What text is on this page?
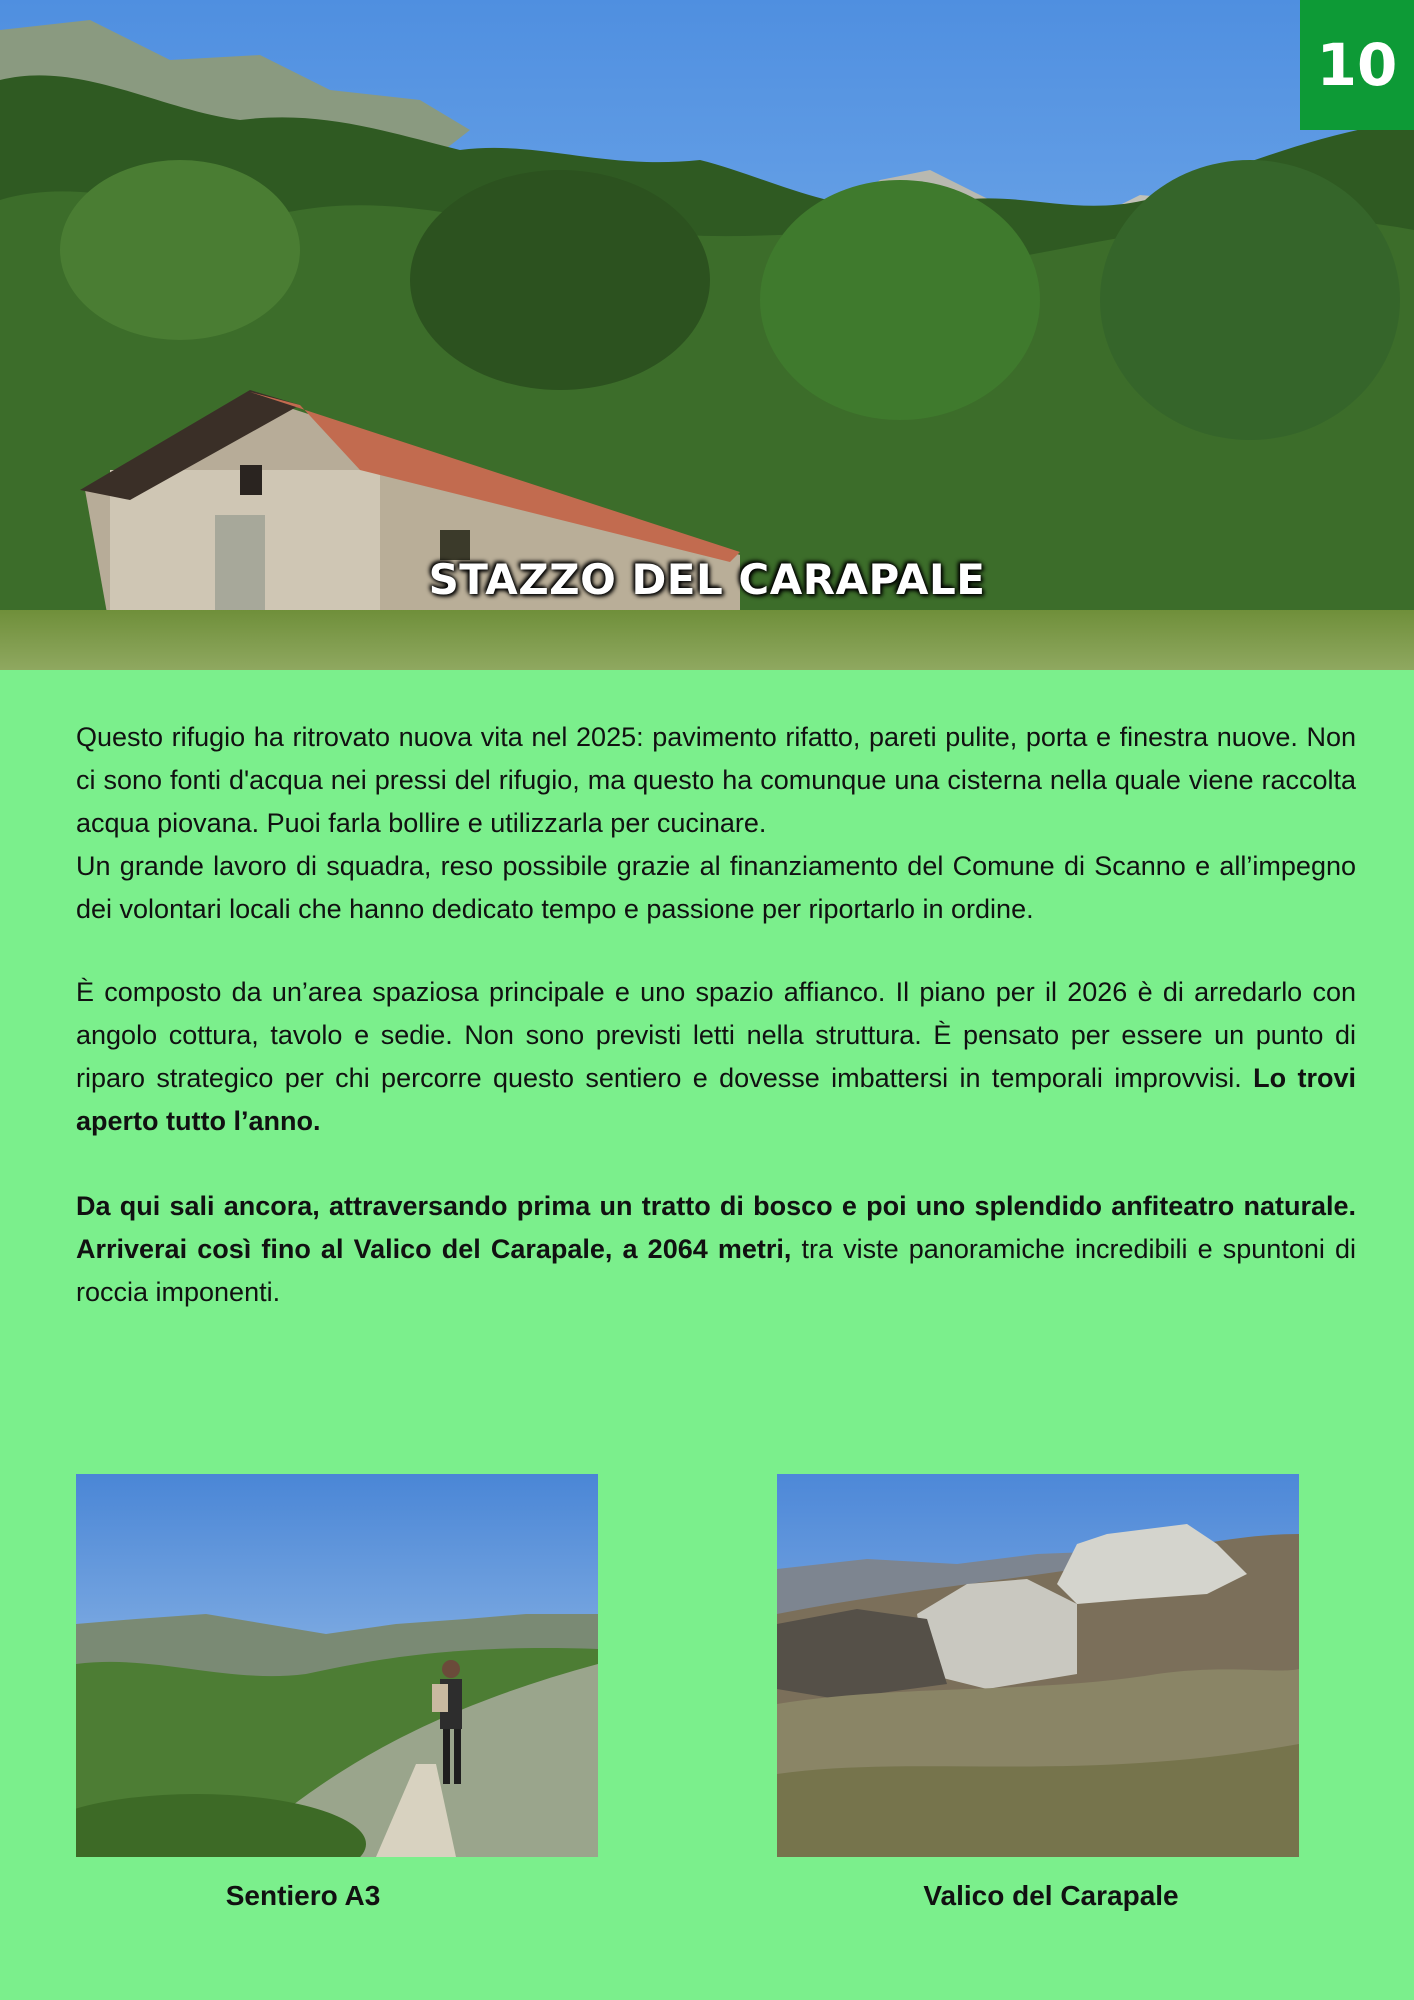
10
STAZZO DEL CARAPALE

Questo rifugio ha ritrovato nuova vita nel 2025: pavimento rifatto, pareti pulite, porta e finestra nuove. Non ci sono fonti d'acqua nei pressi del rifugio, ma questo ha comunque una cisterna nella quale viene raccolta acqua piovana. Puoi farla bollire e utilizzarla per cucinare.

Un grande lavoro di squadra, reso possibile grazie al finanziamento del Comune di Scanno e all’impegno dei volontari locali che hanno dedicato tempo e passione per riportarlo in ordine.

È composto da un’area spaziosa principale e uno spazio affianco. Il piano per il 2026 è di arredarlo con angolo cottura, tavolo e sedie. Non sono previsti letti nella struttura. È pensato per essere un punto di riparo strategico per chi percorre questo sentiero e dovesse imbattersi in temporali improvvisi. Lo trovi aperto tutto l’anno.

Da qui sali ancora, attraversando prima un tratto di bosco e poi uno splendido anfiteatro naturale. Arriverai così fino al Valico del Carapale, a 2064 metri, tra viste panoramiche incredibili e spuntoni di roccia imponenti.

Sentiero A3	Valico del Carapale
